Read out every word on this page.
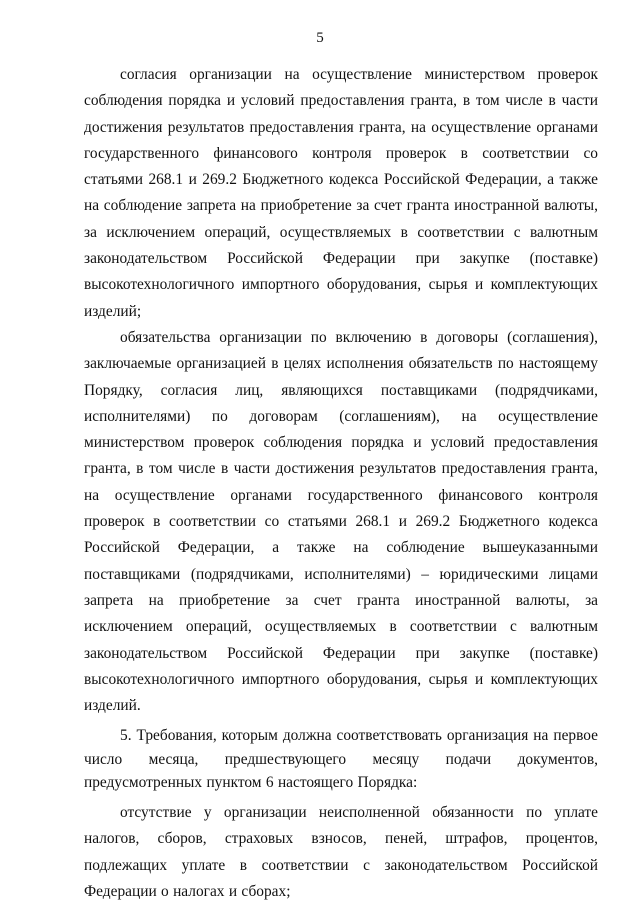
5

согласия организации на осуществление министерством проверок соблюдения порядка и условий предоставления гранта, в том числе в части достижения результатов предоставления гранта, на осуществление органами государственного финансового контроля проверок в соответствии со статьями 268.1 и 269.2 Бюджетного кодекса Российской Федерации, а также на соблюдение запрета на приобретение за счет гранта иностранной валюты, за исключением операций, осуществляемых в соответствии с валютным законодательством Российской Федерации при закупке (поставке) высокотехнологичного импортного оборудования, сырья и комплектующих изделий;

обязательства организации по включению в договоры (соглашения), заключаемые организацией в целях исполнения обязательств по настоящему Порядку, согласия лиц, являющихся поставщиками (подрядчиками, исполнителями) по договорам (соглашениям), на осуществление министерством проверок соблюдения порядка и условий предоставления гранта, в том числе в части достижения результатов предоставления гранта, на осуществление органами государственного финансового контроля проверок в соответствии со статьями 268.1 и 269.2 Бюджетного кодекса Российской Федерации, а также на соблюдение вышеуказанными поставщиками (подрядчиками, исполнителями) – юридическими лицами запрета на приобретение за счет гранта иностранной валюты, за исключением операций, осуществляемых в соответствии с валютным законодательством Российской Федерации при закупке (поставке) высокотехнологичного импортного оборудования, сырья и комплектующих изделий.

5. Требования, которым должна соответствовать организация на первое число месяца, предшествующего месяцу подачи документов, предусмотренных пунктом 6 настоящего Порядка:

отсутствие у организации неисполненной обязанности по уплате налогов, сборов, страховых взносов, пеней, штрафов, процентов, подлежащих уплате в соответствии с законодательством Российской Федерации о налогах и сборах;
